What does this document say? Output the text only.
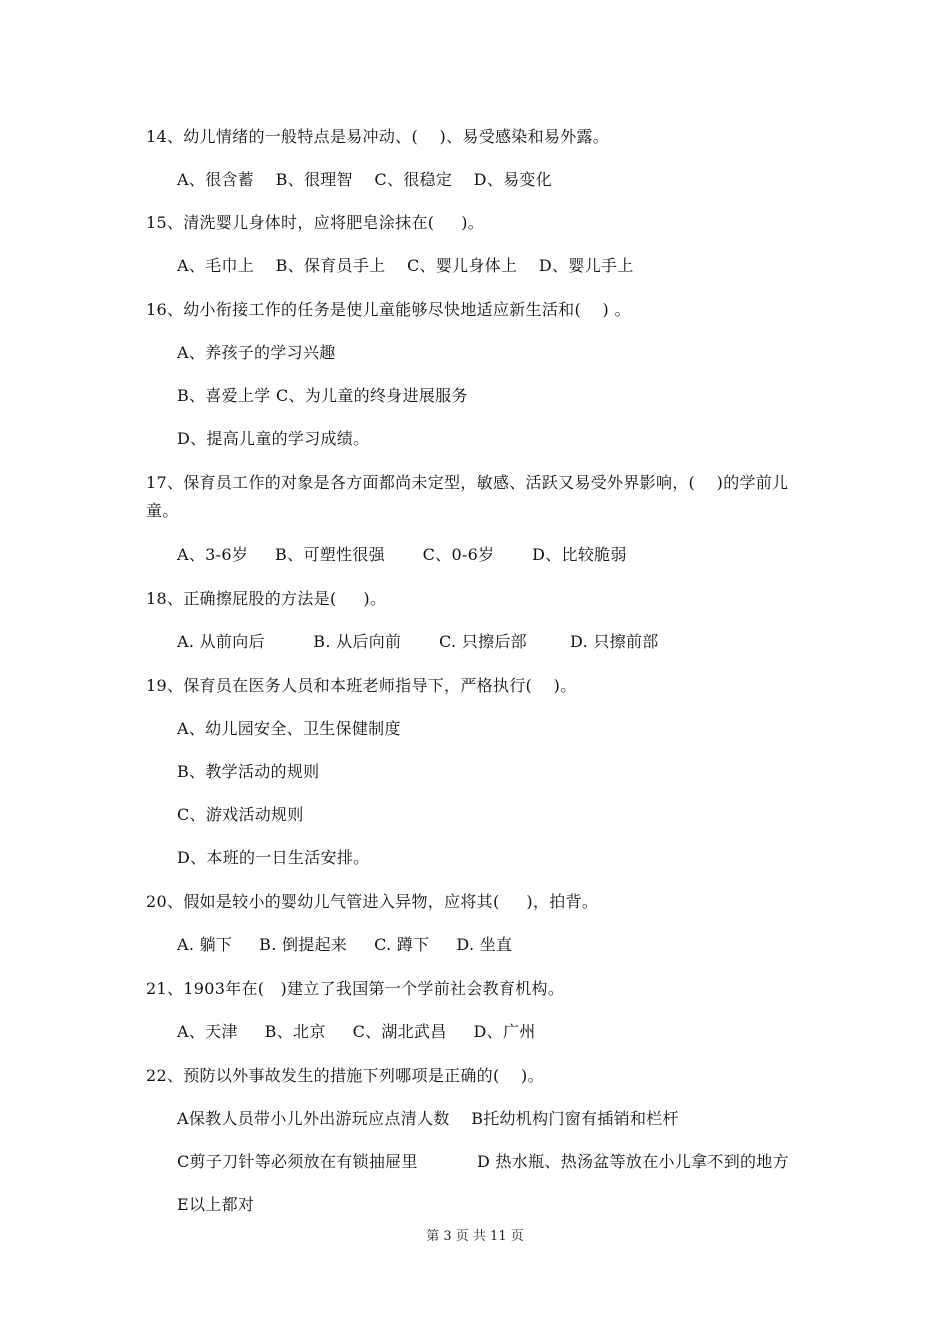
14、幼儿情绪的一般特点是易冲动、(    )、易受感染和易外露。
A、很含蓄    B、很理智    C、很稳定    D、易变化
15、清洗婴儿身体时，应将肥皂涂抹在(     )。
A、毛巾上    B、保育员手上    C、婴儿身体上    D、婴儿手上
16、幼小衔接工作的任务是使儿童能够尽快地适应新生活和(    ) 。
A、养孩子的学习兴趣
B、喜爱上学 C、为儿童的终身进展服务
D、提高儿童的学习成绩。
17、保育员工作的对象是各方面都尚未定型，敏感、活跃又易受外界影响，(    )的学前儿
童。
A、3-6岁     B、可塑性很强       C、0-6岁       D、比较脆弱
18、正确擦屁股的方法是(     )。
A. 从前向后         B. 从后向前       C. 只擦后部        D. 只擦前部
19、保育员在医务人员和本班老师指导下，严格执行(    )。
A、幼儿园安全、卫生保健制度
B、教学活动的规则
C、游戏活动规则
D、本班的一日生活安排。
20、假如是较小的婴幼儿气管进入异物，应将其(     )，拍背。
A. 躺下     B. 倒提起来     C. 蹲下     D. 坐直
21、1903年在(   )建立了我国第一个学前社会教育机构。
A、天津     B、北京     C、湖北武昌     D、广州
22、预防以外事故发生的措施下列哪项是正确的(    )。
A保教人员带小儿外出游玩应点清人数    B托幼机构门窗有插销和栏杆
C剪子刀针等必须放在有锁抽屉里           D 热水瓶、热汤盆等放在小儿拿不到的地方
E以上都对
第 3 页 共 11 页
